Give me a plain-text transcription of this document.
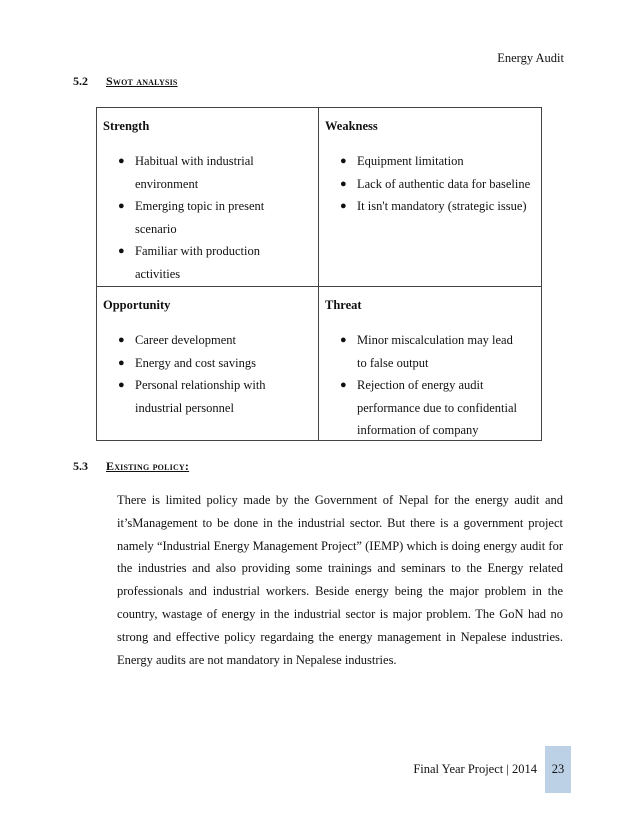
Energy Audit
5.2 Swot analysis
Strength
● Habitual with industrial environment
● Emerging topic in present scenario
● Familiar with production activities
Weakness
● Equipment limitation
● Lack of authentic data for baseline
● It isn't mandatory (strategic issue)
Opportunity
● Career development
● Energy and cost savings
● Personal relationship with industrial personnel
Threat
● Minor miscalculation may lead to false output
● Rejection of energy audit performance due to confidential information of company
5.3 Existing policy:

There is limited policy made by the Government of Nepal for the energy audit and it’sManagement to be done in the industrial sector. But there is a government project namely “Industrial Energy Management Project” (IEMP) which is doing energy audit for the industries and also providing some trainings and seminars to the Energy related professionals and industrial workers. Beside energy being the major problem in the country, wastage of energy in the industrial sector is major problem. The GoN had no strong and effective policy regardaing the energy management in Nepalese industries. Energy audits are not mandatory in Nepalese industries.

Final Year Project | 2014	23
